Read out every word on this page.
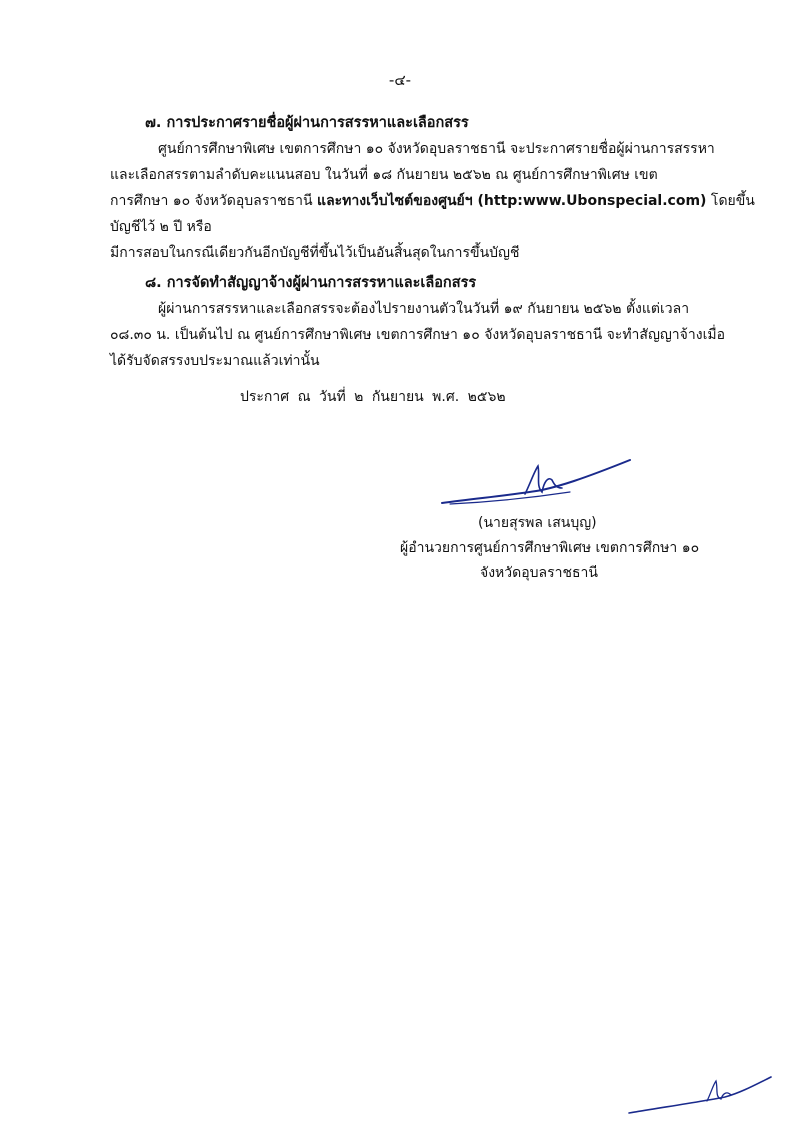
-๔-

๗. การประกาศรายชื่อผู้ผ่านการสรรหาและเลือกสรร

ศูนย์การศึกษาพิเศษ เขตการศึกษา ๑๐ จังหวัดอุบลราชธานี จะประกาศรายชื่อผู้ผ่านการสรรหา
และเลือกสรรตามลำดับคะแนนสอบ ในวันที่ ๑๘ กันยายน ๒๕๖๒ ณ ศูนย์การศึกษาพิเศษ เขต
การศึกษา ๑๐ จังหวัดอุบลราชธานี และทางเว็บไซต์ของศูนย์ฯ (http:www.Ubonspecial.com) โดยขึ้น
บัญชีไว้ ๒ ปี หรือ
มีการสอบในกรณีเดียวกันอีกบัญชีที่ขึ้นไว้เป็นอันสิ้นสุดในการขึ้นบัญชี

๘. การจัดทำสัญญาจ้างผู้ผ่านการสรรหาและเลือกสรร

ผู้ผ่านการสรรหาและเลือกสรรจะต้องไปรายงานตัวในวันที่ ๑๙ กันยายน ๒๕๖๒ ตั้งแต่เวลา
๐๘.๓๐ น. เป็นต้นไป ณ ศูนย์การศึกษาพิเศษ เขตการศึกษา ๑๐ จังหวัดอุบลราชธานี จะทำสัญญาจ้างเมื่อ
ได้รับจัดสรรงบประมาณแล้วเท่านั้น
ประกาศ ณ วันที่ ๒ กันยายน พ.ศ. ๒๕๖๒
(นายสุรพล เสนบุญ)
ผู้อำนวยการศูนย์การศึกษาพิเศษ เขตการศึกษา ๑๐
จังหวัดอุบลราชธานี
